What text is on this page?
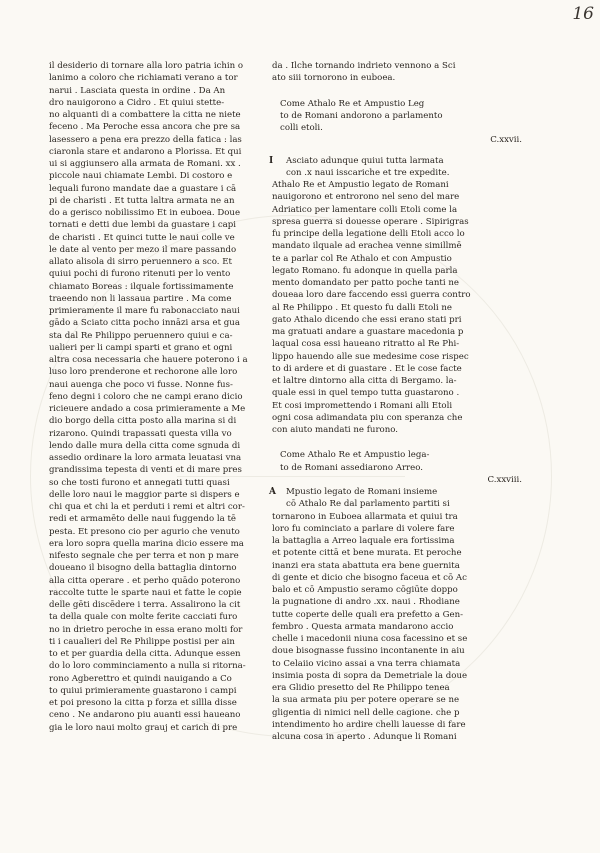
16
il desiderio di tornare alla loro patria ichin o
lanimo a coloro che richiamati verano a tor
narui . Lasciata questa in ordine . Da An
dro nauigorono a Cidro . Et quiui stette-
no alquanti di a combattere la citta ne niete
feceno . Ma Peroche essa ancora che pre sa
lasessero a pena era prezzo della fatica : las
ciaronla stare et andarono a Plorissa. Et qui
ui si aggiunsero alla armata de Romani. xx .
piccole naui chiamate Lembi. Di costoro e
lequali furono mandate dae a guastare i cā
pi de charisti . Et tutta laltra armata ne an
do a gerisco nobilissimo Et in euboea. Doue
tornati e detti due lembi da guastare i capi
de charisti . Et quinci tutte le naui colle ve
le date al vento per mezo il mare passando
allato alisola di sirro peruennero a sco. Et
quiui pochi di furono ritenuti per lo vento
chiamato Boreas : ilquale fortissimamente
traeendo non li lassaua partire . Ma come
primieramente il mare fu rabonacciato naui
gādo a Sciato citta pocho innāzi arsa et gua
sta dal Re Philippo peruennero quiui e ca-
ualieri per li campi sparti et grano et ogni
altra cosa necessaria che hauere poterono i a
luso loro prenderone et rechorone alle loro
naui auenga che poco vi fusse. Nonne fus-
feno degni i coloro che ne campi erano dicio
ricieuere andado a cosa primieramente a Me
dio borgo della citta posto alla marina si di
rizarono. Quindi trapassati questa villa vo
lendo dalle mura della citta come sgnuda di
assedio ordinare la loro armata leuatasi vna
grandissima tepesta di venti et di mare pres
so che tosti furono et annegati tutti quasi
delle loro naui le maggior parte si dispers e
chi qua et chi la et perduti i remi et altri cor-
redi et armamēto delle naui fuggendo la tē
pesta. Et presono cio per agurio che venuto
era loro sopra quella marina dicio essere ma
nifesto segnale che per terra et non p mare
doueano il bisogno della battaglia dintorno
alla citta operare . et perho quādo poterono
raccolte tutte le sparte naui et fatte le copie
delle gēti discēdere i terra. Assalirono la cit
ta della quale con molte ferite cacciati furo
no in drietro peroche in essa erano molti for
ti i caualieri del Re Philippe postisi per ain
to et per guardia della citta. Adunque essen
do lo loro comminciamento a nulla si ritorna-
rono Agberettro et quindi nauigando a Co
to quiui primieramente guastarono i campi
et poi presono la citta p forza et sillla disse
ceno . Ne andarono piu auanti essi haueano
gia le loro naui molto grauj et carich di pre
da . Ilche tornando indrieto vennono a Sci
ato siii tornorono in euboea.
Come Athalo Re et Ampustio Leg
to de Romani andorono a parlamento
colli etoli.
C.xxvii.
I Asciato adunque quiui tutta larmata
con .x naui isscariche et tre expedite.
Athalo Re et Ampustio legato de Romani
nauigorono et entrorono nel seno del mare
Adriatico per lamentare colli Etoli come la
spresa guerra si douesse operare . Sipirigras
fu principe della legatione delli Etoli acco lo
mandato ilquale ad erachea venne simillmē
te a parlar col Re Athalo et con Ampustio
legato Romano. fu adonque in quella parla
mento domandato per patto poche tanti ne
doueaa loro dare faccendo essi guerra contro
al Re Philippo . Et questo fu dalli Etoli ne
gato Athalo dicendo che essi erano stati pri
ma gratuati andare a guastare macedonia p
laqual cosa essi haueano ritratto al Re Phi-
lippo hauendo alle sue medesime cose rispec
to di ardere et di guastare . Et le cose facte
et laltre dintorno alla citta di Bergamo. la-
quale essi in quel tempo tutta guastarono .
Et cosi impromettendo i Romani alli Etoli
ogni cosa adimandata piu con speranza che
con aiuto mandati ne furono.
Come Athalo Re et Ampustio lega-
to de Romani assediarono Arreo.
C.xxviii.
A Mpustio legato de Romani insieme
cō Athalo Re dal parlamento partiti si
tornarono in Euboea allarmata et quiui tra
loro fu cominciato a parlare di volere fare
la battaglia a Arreo laquale era fortissima
et potente cittā et bene murata. Et peroche
inanzi era stata abattuta era bene guernita
di gente et dicio che bisogno faceua et cō Ac
balo et cō Ampustio seramo cōgiūte doppo
la pugnatione di andro .xx. naui . Rhodiane
tutte coperte delle quali era prefetto a Gen-
fembro . Questa armata mandarono accio
chelle i macedonii niuna cosa facessino et se
doue bisognasse fussino incontanente in aiu
to Celaiio vicino assai a vna terra chiamata
insimia posta di sopra da Demetriale la doue
era Glidio presetto del Re Philippo tenea
la sua armata piu per potere operare se ne
gligentia di nimici nell delle cagione. che p
intendimento ho ardire chelli lauesse di fare
alcuna cosa in aperto . Adunque li Romani
